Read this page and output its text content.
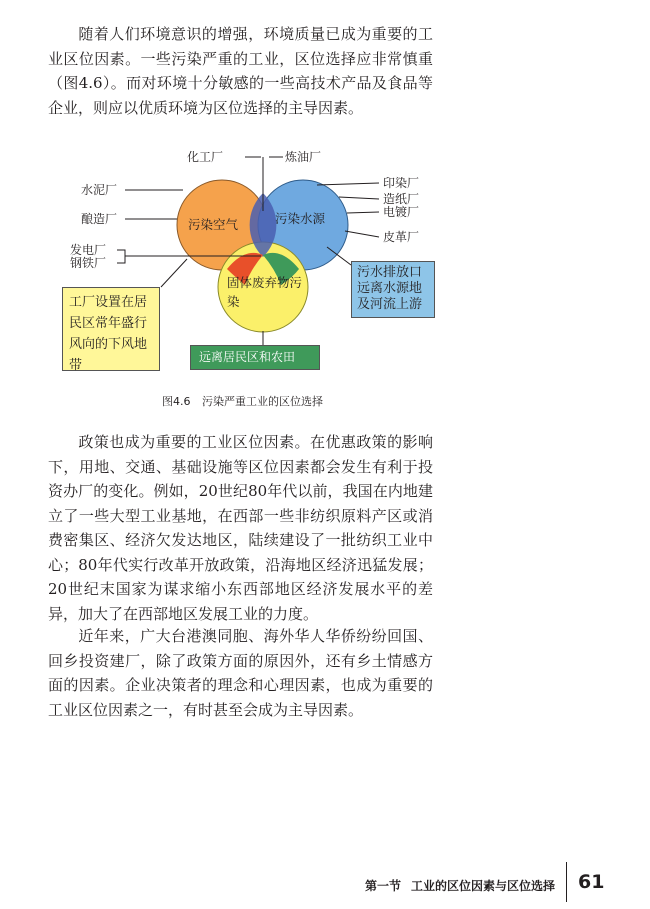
随着人们环境意识的增强，环境质量已成为重要的工业区位因素。一些污染严重的工业，区位选择应非常慎重（图4.6）。而对环境十分敏感的一些高技术产品及食品等企业，则应以优质环境为区位选择的主导因素。

化工厂	炼油厂
水泥厂
酿造厂
发电厂
钢铁厂
印染厂
造纸厂
电镀厂
皮革厂
污染空气	污染水源
固体废弃物污染
工厂设置在居民区常年盛行风向的下风地带
污水排放口远离水源地及河流上游
远离居民区和农田
图4.6 污染严重工业的区位选择

政策也成为重要的工业区位因素。在优惠政策的影响下，用地、交通、基础设施等区位因素都会发生有利于投资办厂的变化。例如，20世纪80年代以前，我国在内地建立了一些大型工业基地，在西部一些非纺织原料产区或消费密集区、经济欠发达地区，陆续建设了一批纺织工业中心；80年代实行改革开放政策，沿海地区经济迅猛发展；20世纪末国家为谋求缩小东西部地区经济发展水平的差异，加大了在西部地区发展工业的力度。

近年来，广大台港澳同胞、海外华人华侨纷纷回国、回乡投资建厂，除了政策方面的原因外，还有乡土情感方面的因素。企业决策者的理念和心理因素，也成为重要的工业区位因素之一，有时甚至会成为主导因素。

第一节 工业的区位因素与区位选择 61
